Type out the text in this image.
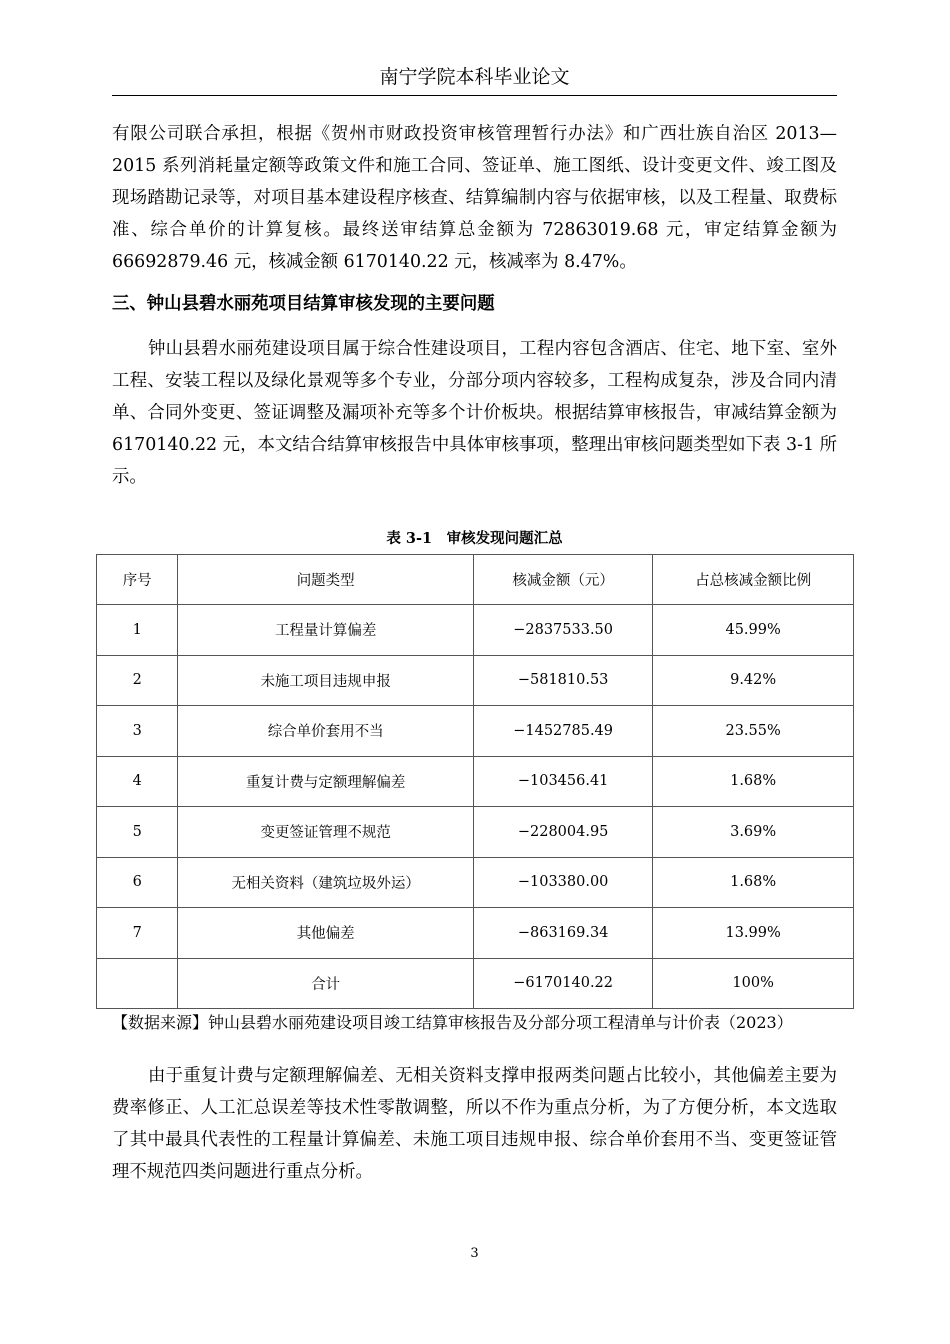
南宁学院本科毕业论文

有限公司联合承担，根据《贺州市财政投资审核管理暂行办法》和广西壮族自治区 2013—2015 系列消耗量定额等政策文件和施工合同、签证单、施工图纸、设计变更文件、竣工图及现场踏勘记录等，对项目基本建设程序核查、结算编制内容与依据审核，以及工程量、取费标准、综合单价的计算复核。最终送审结算总金额为 72863019.68 元，审定结算金额为 66692879.46 元，核减金额 6170140.22 元，核减率为 8.47%。

三、钟山县碧水丽苑项目结算审核发现的主要问题

钟山县碧水丽苑建设项目属于综合性建设项目，工程内容包含酒店、住宅、地下室、室外工程、安装工程以及绿化景观等多个专业，分部分项内容较多，工程构成复杂，涉及合同内清单、合同外变更、签证调整及漏项补充等多个计价板块。根据结算审核报告，审减结算金额为 6170140.22 元，本文结合结算审核报告中具体审核事项，整理出审核问题类型如下表 3-1 所示。

表 3-1　审核发现问题汇总
序号	问题类型	核减金额（元）	占总核减金额比例
1	工程量计算偏差	−2837533.50	45.99%
2	未施工项目违规申报	−581810.53	9.42%
3	综合单价套用不当	−1452785.49	23.55%
4	重复计费与定额理解偏差	−103456.41	1.68%
5	变更签证管理不规范	−228004.95	3.69%
6	无相关资料（建筑垃圾外运）	−103380.00	1.68%
7	其他偏差	−863169.34	13.99%
	合计	−6170140.22	100%
【数据来源】钟山县碧水丽苑建设项目竣工结算审核报告及分部分项工程清单与计价表（2023）

由于重复计费与定额理解偏差、无相关资料支撑申报两类问题占比较小，其他偏差主要为费率修正、人工汇总误差等技术性零散调整，所以不作为重点分析，为了方便分析，本文选取了其中最具代表性的工程量计算偏差、未施工项目违规申报、综合单价套用不当、变更签证管理不规范四类问题进行重点分析。

3
